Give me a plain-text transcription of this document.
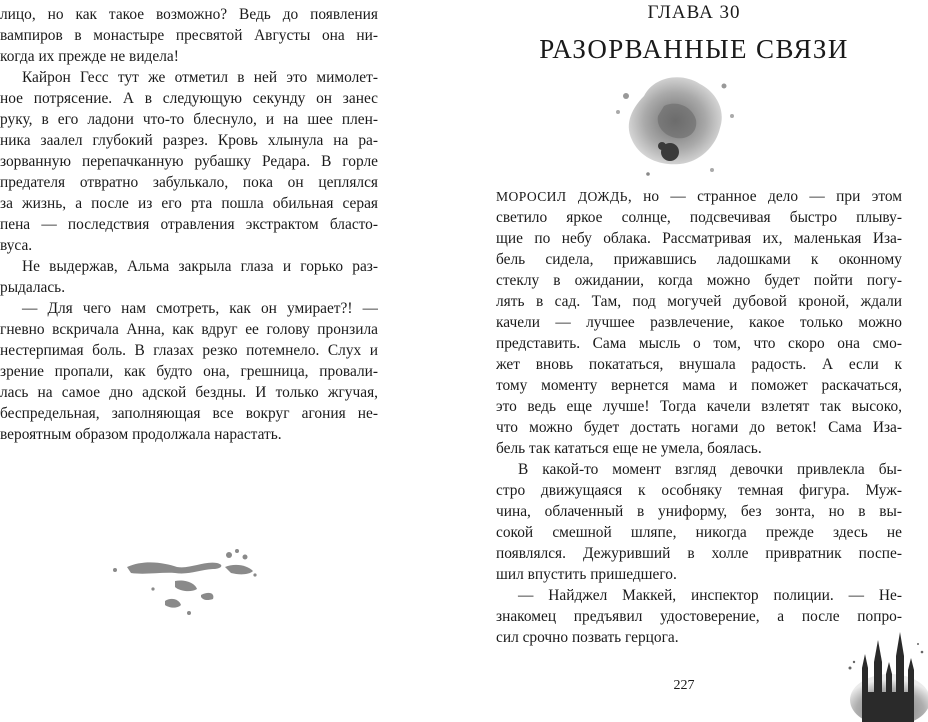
лицо, но как такое возможно? Ведь до появления
вампиров в монастыре пресвятой Августы она ни-
когда их прежде не видела!
Кайрон Гесс тут же отметил в ней это мимолет-
ное потрясение. А в следующую секунду он занес
руку, в его ладони что-то блеснуло, и на шее плен-
ника заалел глубокий разрез. Кровь хлынула на ра-
зорванную перепачканную рубашку Редара. В горле
предателя отвратно забулькало, пока он цеплялся
за жизнь, а после из его рта пошла обильная серая
пена — последствия отравления экстрактом бласто-
вуса.
Не выдержав, Альма закрыла глаза и горько раз-
рыдалась.
— Для чего нам смотреть, как он умирает?! —
гневно вскричала Анна, как вдруг ее голову пронзила
нестерпимая боль. В глазах резко потемнело. Слух и
зрение пропали, как будто она, грешница, провали-
лась на самое дно адской бездны. И только жгучая,
беспредельная, заполняющая все вокруг агония не-
вероятным образом продолжала нарастать.
ГЛАВА 30
РАЗОРВАННЫЕ СВЯЗИ
МОРОСИЛ ДОЖДЬ, но — странное дело — при этом
светило яркое солнце, подсвечивая быстро плыву-
щие по небу облака. Рассматривая их, маленькая Иза-
бель сидела, прижавшись ладошками к оконному
стеклу в ожидании, когда можно будет пойти погу-
лять в сад. Там, под могучей дубовой кроной, ждали
качели — лучшее развлечение, какое только можно
представить. Сама мысль о том, что скоро она смо-
жет вновь покататься, внушала радость. А если к
тому моменту вернется мама и поможет раскачаться,
это ведь еще лучше! Тогда качели взлетят так высоко,
что можно будет достать ногами до веток! Сама Иза-
бель так кататься еще не умела, боялась.
В какой-то момент взгляд девочки привлекла бы-
стро движущаяся к особняку темная фигура. Муж-
чина, облаченный в униформу, без зонта, но в вы-
сокой смешной шляпе, никогда прежде здесь не
появлялся. Дежуривший в холле привратник поспе-
шил впустить пришедшего.
— Найджел Маккей, инспектор полиции. — Не-
знакомец предъявил удостоверение, а после попро-
сил срочно позвать герцога.
227
